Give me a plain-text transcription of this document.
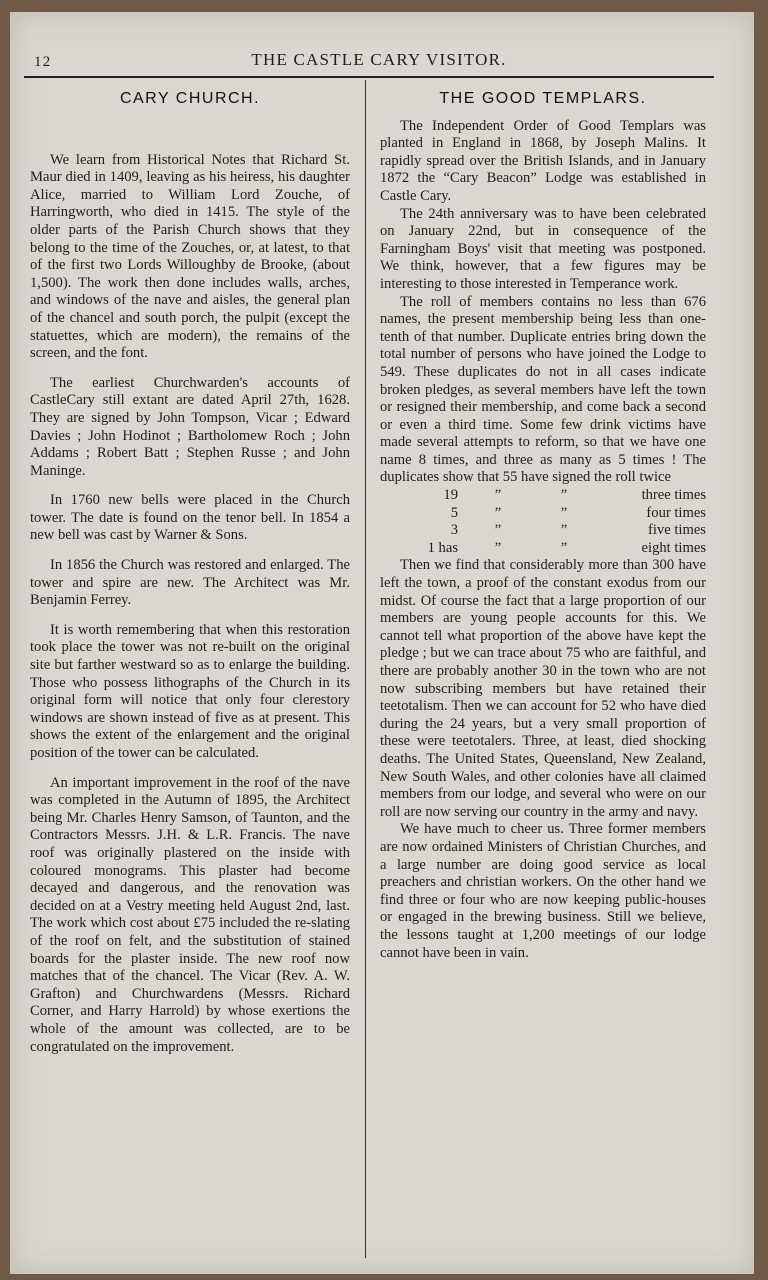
12	THE CASTLE CARY VISITOR.
CARY CHURCH.

We learn from Historical Notes that Richard St. Maur died in 1409, leaving as his heiress, his daughter Alice, married to William Lord Zouche, of Harringworth, who died in 1415. The style of the older parts of the Parish Church shows that they belong to the time of the Zouches, or, at latest, to that of the first two Lords Willoughby de Brooke, (about 1,500). The work then done includes walls, arches, and windows of the nave and aisles, the general plan of the chancel and south porch, the pulpit (except the statuettes, which are modern), the remains of the screen, and the font.

The earliest Churchwarden's accounts of CastleCary still extant are dated April 27th, 1628. They are signed by John Tompson, Vicar ; Edward Davies ; John Hodinot ; Bartholomew Roch ; John Addams ; Robert Batt ; Stephen Russe ; and John Maninge.

In 1760 new bells were placed in the Church tower. The date is found on the tenor bell. In 1854 a new bell was cast by Warner & Sons.

In 1856 the Church was restored and enlarged. The tower and spire are new. The Architect was Mr. Benjamin Ferrey.

It is worth remembering that when this restoration took place the tower was not re-built on the original site but farther westward so as to enlarge the building. Those who possess lithographs of the Church in its original form will notice that only four clerestory windows are shown instead of five as at present. This shows the extent of the enlargement and the original position of the tower can be calculated.

An important improvement in the roof of the nave was completed in the Autumn of 1895, the Architect being Mr. Charles Henry Samson, of Taunton, and the Contractors Messrs. J.H. & L.R. Francis. The nave roof was originally plastered on the inside with coloured monograms. This plaster had become decayed and dangerous, and the renovation was decided on at a Vestry meeting held August 2nd, last. The work which cost about £75 included the re-slating of the roof on felt, and the substitution of stained boards for the plaster inside. The new roof now matches that of the chancel. The Vicar (Rev. A. W. Grafton) and Churchwardens (Messrs. Richard Corner, and Harry Harrold) by whose exertions the whole of the amount was collected, are to be congratulated on the improvement.

THE GOOD TEMPLARS.

The Independent Order of Good Templars was planted in England in 1868, by Joseph Malins. It rapidly spread over the British Islands, and in January 1872 the “Cary Beacon” Lodge was established in Castle Cary.

The 24th anniversary was to have been celebrated on January 22nd, but in consequence of the Farningham Boys' visit that meeting was postponed. We think, however, that a few figures may be interesting to those interested in Temperance work.

The roll of members contains no less than 676 names, the present membership being less than one-tenth of that number. Duplicate entries bring down the total number of persons who have joined the Lodge to 549. These duplicates do not in all cases indicate broken pledges, as several members have left the town or resigned their membership, and come back a second or even a third time. Some few drink victims have made several attempts to reform, so that we have one name 8 times, and three as many as 5 times ! The duplicates show that 55 have signed the roll twice

19	”	”	three times
5	”	”	four times
3	”	”	five times
1 has	”	”	eight times

Then we find that considerably more than 300 have left the town, a proof of the constant exodus from our midst. Of course the fact that a large proportion of our members are young people accounts for this. We cannot tell what proportion of the above have kept the pledge ; but we can trace about 75 who are faithful, and there are probably another 30 in the town who are not now subscribing members but have retained their teetotalism. Then we can account for 52 who have died during the 24 years, but a very small proportion of these were teetotalers. Three, at least, died shocking deaths. The United States, Queensland, New Zealand, New South Wales, and other colonies have all claimed members from our lodge, and several who were on our roll are now serving our country in the army and navy.

We have much to cheer us. Three former members are now ordained Ministers of Christian Churches, and a large number are doing good service as local preachers and christian workers. On the other hand we find three or four who are now keeping public-houses or engaged in the brewing business. Still we believe, the lessons taught at 1,200 meetings of our lodge cannot have been in vain.
